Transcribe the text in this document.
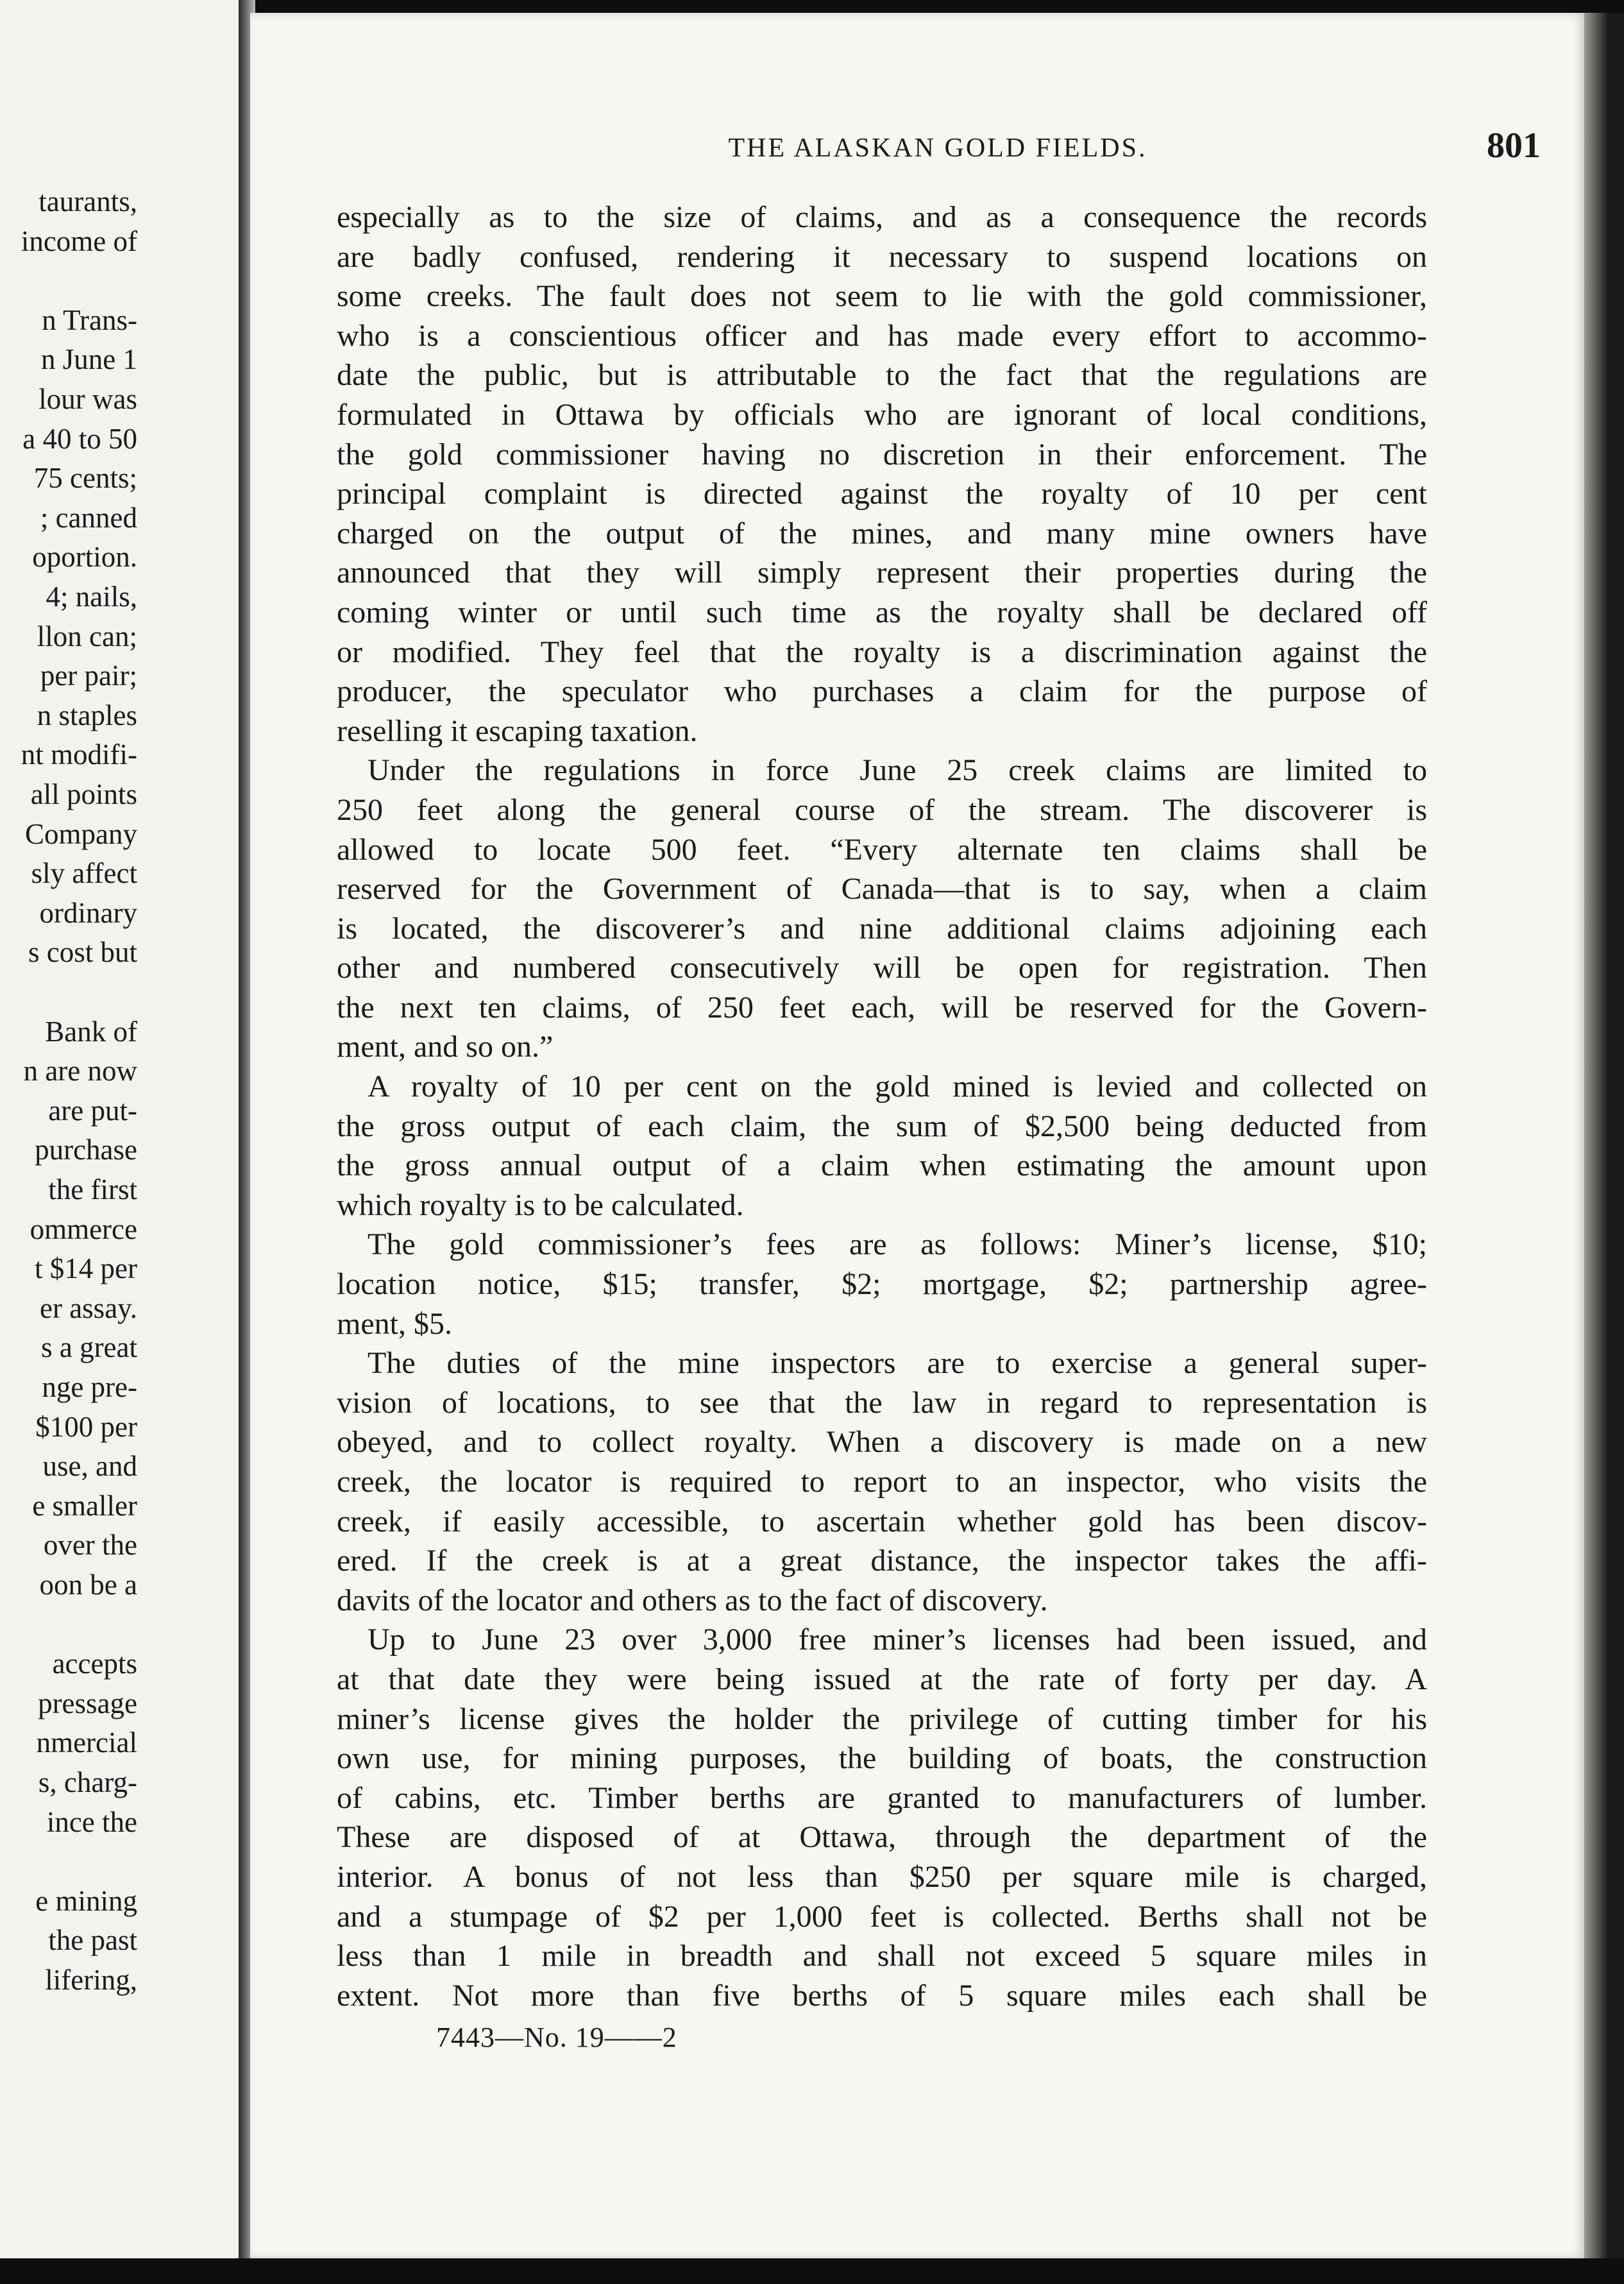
taurants,
income of
n Trans-
n June 1
lour was
a 40 to 50
75 cents;
; canned
oportion.
4; nails,
llon can;
per pair;
n staples
nt modifi-
all points
Company
sly affect
ordinary
s cost but
Bank of
n are now
are put-
purchase
the first
ommerce
t $14 per
er assay.
s a great
nge pre-
$100 per
use, and
e smaller
over the
oon be a
accepts
pressage
nmercial
s, charg-
ince the
e mining
the past
lifering,
THE ALASKAN GOLD FIELDS.	801
especially as to the size of claims, and as a consequence the records
are badly confused, rendering it necessary to suspend locations on
some creeks. The fault does not seem to lie with the gold commissioner,
who is a conscientious officer and has made every effort to accommo-
date the public, but is attributable to the fact that the regulations are
formulated in Ottawa by officials who are ignorant of local conditions,
the gold commissioner having no discretion in their enforcement. The
principal complaint is directed against the royalty of 10 per cent
charged on the output of the mines, and many mine owners have
announced that they will simply represent their properties during the
coming winter or until such time as the royalty shall be declared off
or modified. They feel that the royalty is a discrimination against the
producer, the speculator who purchases a claim for the purpose of
reselling it escaping taxation.
Under the regulations in force June 25 creek claims are limited to
250 feet along the general course of the stream. The discoverer is
allowed to locate 500 feet. “Every alternate ten claims shall be
reserved for the Government of Canada—that is to say, when a claim
is located, the discoverer’s and nine additional claims adjoining each
other and numbered consecutively will be open for registration. Then
the next ten claims, of 250 feet each, will be reserved for the Govern-
ment, and so on.”
A royalty of 10 per cent on the gold mined is levied and collected on
the gross output of each claim, the sum of $2,500 being deducted from
the gross annual output of a claim when estimating the amount upon
which royalty is to be calculated.
The gold commissioner’s fees are as follows: Miner’s license, $10;
location notice, $15; transfer, $2; mortgage, $2; partnership agree-
ment, $5.
The duties of the mine inspectors are to exercise a general super-
vision of locations, to see that the law in regard to representation is
obeyed, and to collect royalty. When a discovery is made on a new
creek, the locator is required to report to an inspector, who visits the
creek, if easily accessible, to ascertain whether gold has been discov-
ered. If the creek is at a great distance, the inspector takes the affi-
davits of the locator and others as to the fact of discovery.
Up to June 23 over 3,000 free miner’s licenses had been issued, and
at that date they were being issued at the rate of forty per day. A
miner’s license gives the holder the privilege of cutting timber for his
own use, for mining purposes, the building of boats, the construction
of cabins, etc. Timber berths are granted to manufacturers of lumber.
These are disposed of at Ottawa, through the department of the
interior. A bonus of not less than $250 per square mile is charged,
and a stumpage of $2 per 1,000 feet is collected. Berths shall not be
less than 1 mile in breadth and shall not exceed 5 square miles in
extent. Not more than five berths of 5 square miles each shall be
7443—No. 19——2
